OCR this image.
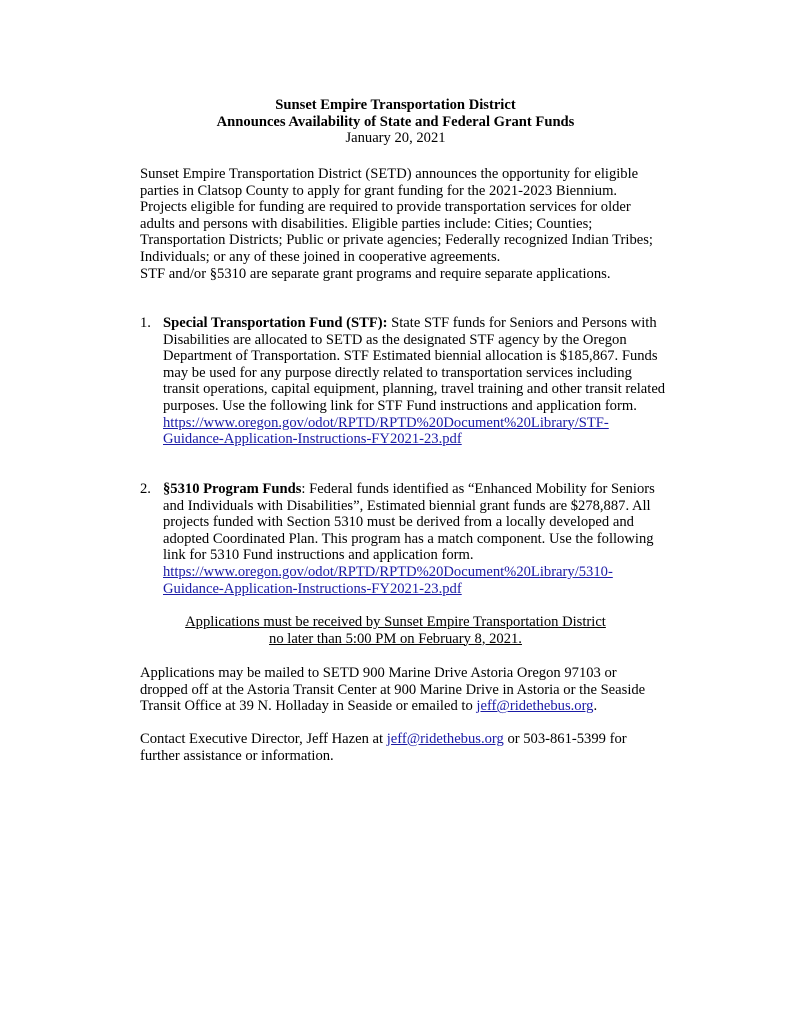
Sunset Empire Transportation District
Announces Availability of State and Federal Grant Funds
January 20, 2021
Sunset Empire Transportation District (SETD) announces the opportunity for eligible
parties in Clatsop County to apply for grant funding for the 2021-2023 Biennium.
Projects eligible for funding are required to provide transportation services for older
adults and persons with disabilities. Eligible parties include: Cities; Counties;
Transportation Districts; Public or private agencies; Federally recognized Indian Tribes;
Individuals; or any of these joined in cooperative agreements.
STF and/or §5310 are separate grant programs and require separate applications.
1. Special Transportation Fund (STF): State STF funds for Seniors and Persons with
Disabilities are allocated to SETD as the designated STF agency by the Oregon
Department of Transportation. STF Estimated biennial allocation is $185,867. Funds
may be used for any purpose directly related to transportation services including
transit operations, capital equipment, planning, travel training and other transit related
purposes. Use the following link for STF Fund instructions and application form.
https://www.oregon.gov/odot/RPTD/RPTD%20Document%20Library/STF-
Guidance-Application-Instructions-FY2021-23.pdf
2. §5310 Program Funds: Federal funds identified as “Enhanced Mobility for Seniors
and Individuals with Disabilities”, Estimated biennial grant funds are $278,887. All
projects funded with Section 5310 must be derived from a locally developed and
adopted Coordinated Plan. This program has a match component. Use the following
link for 5310 Fund instructions and application form.
https://www.oregon.gov/odot/RPTD/RPTD%20Document%20Library/5310-
Guidance-Application-Instructions-FY2021-23.pdf
Applications must be received by Sunset Empire Transportation District
no later than 5:00 PM on February 8, 2021.
Applications may be mailed to SETD 900 Marine Drive Astoria Oregon 97103 or
dropped off at the Astoria Transit Center at 900 Marine Drive in Astoria or the Seaside
Transit Office at 39 N. Holladay in Seaside or emailed to jeff@ridethebus.org.
Contact Executive Director, Jeff Hazen at jeff@ridethebus.org or 503-861-5399 for
further assistance or information.
